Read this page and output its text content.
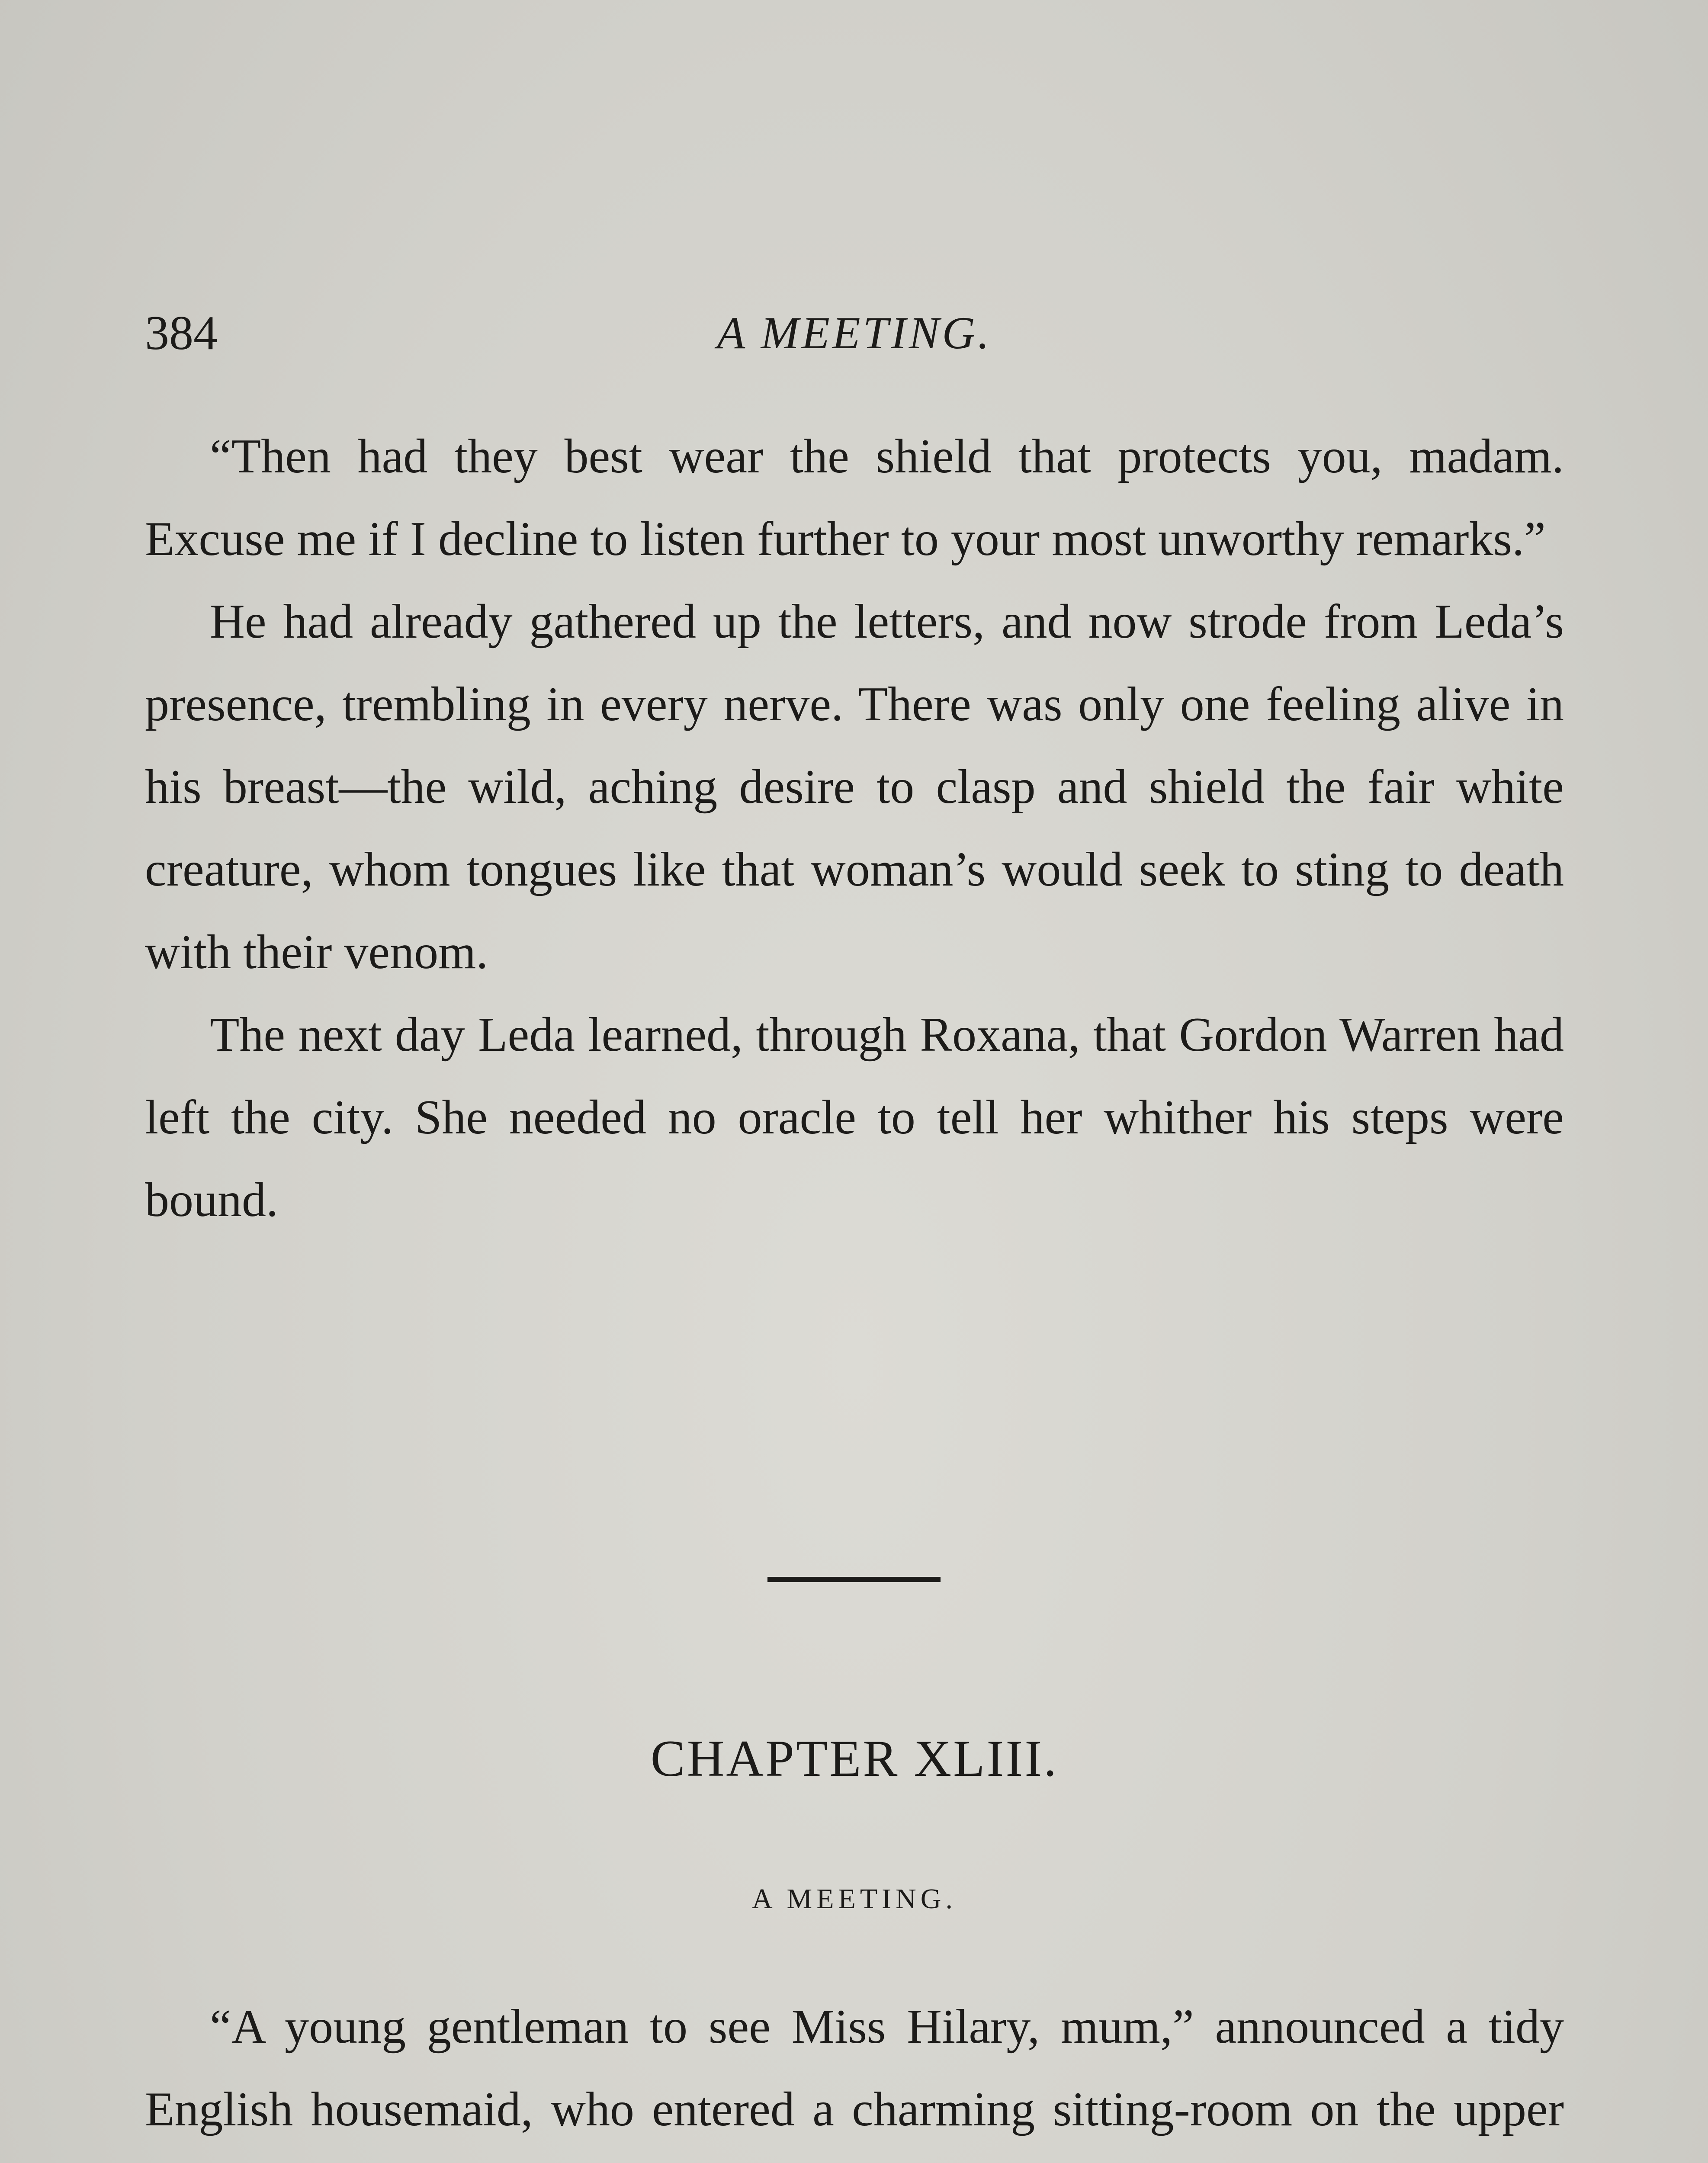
384	A MEETING.

“Then had they best wear the shield that protects you, madam. Excuse me if I decline to listen further to your most unworthy remarks.”

He had already gathered up the letters, and now strode from Leda’s presence, trembling in every nerve. There was only one feeling alive in his breast—the wild, aching desire to clasp and shield the fair white creature, whom tongues like that woman’s would seek to sting to death with their venom.

The next day Leda learned, through Roxana, that Gordon Warren had left the city. She needed no oracle to tell her whither his steps were bound.

CHAPTER XLIII.
A MEETING.

“A young gentleman to see Miss Hilary, mum,” announced a tidy English housemaid, who entered a charming sitting-room on the upper
